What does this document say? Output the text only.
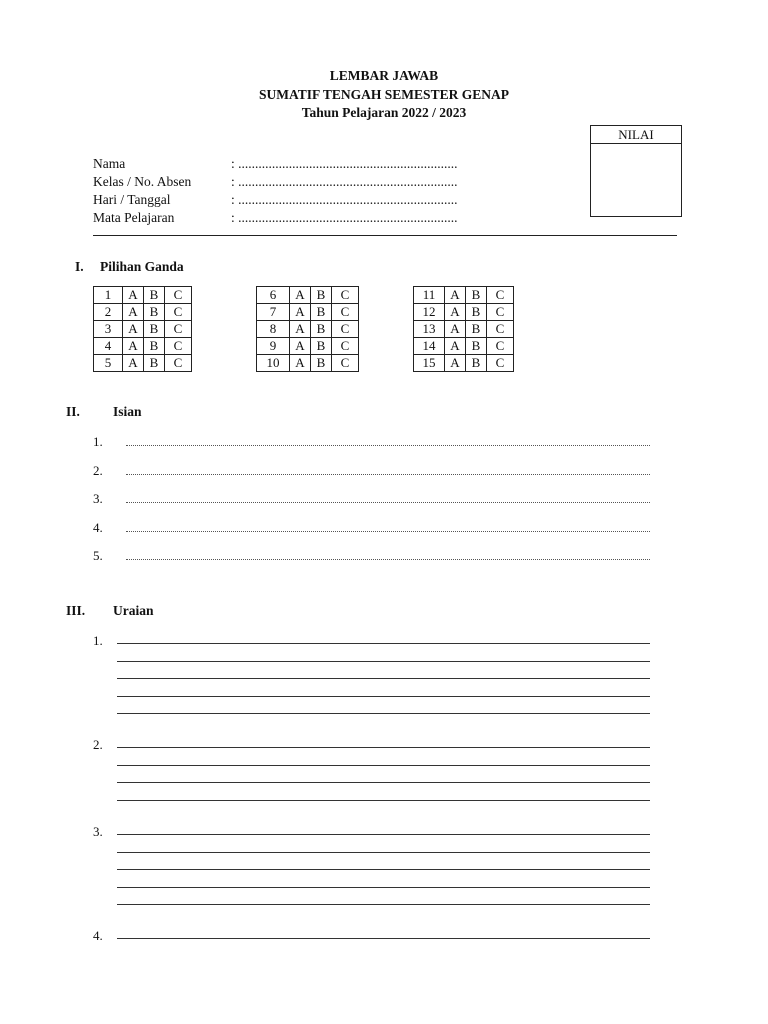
LEMBAR JAWAB
SUMATIF TENGAH SEMESTER GENAP
Tahun Pelajaran 2022 / 2023
NILAI
Nama	: .................................................................
Kelas / No. Absen	: .................................................................
Hari / Tanggal	: .................................................................
Mata Pelajaran	: .................................................................
I. Pilihan Ganda
1	A	B	C
2	A	B	C
3	A	B	C
4	A	B	C
5	A	B	C
6	A	B	C
7	A	B	C
8	A	B	C
9	A	B	C
10	A	B	C
11	A	B	C
12	A	B	C
13	A	B	C
14	A	B	C
15	A	B	C
II. Isian
1.
2.
3.
4.
5.
III. Uraian
1.
2.
3.
4.
